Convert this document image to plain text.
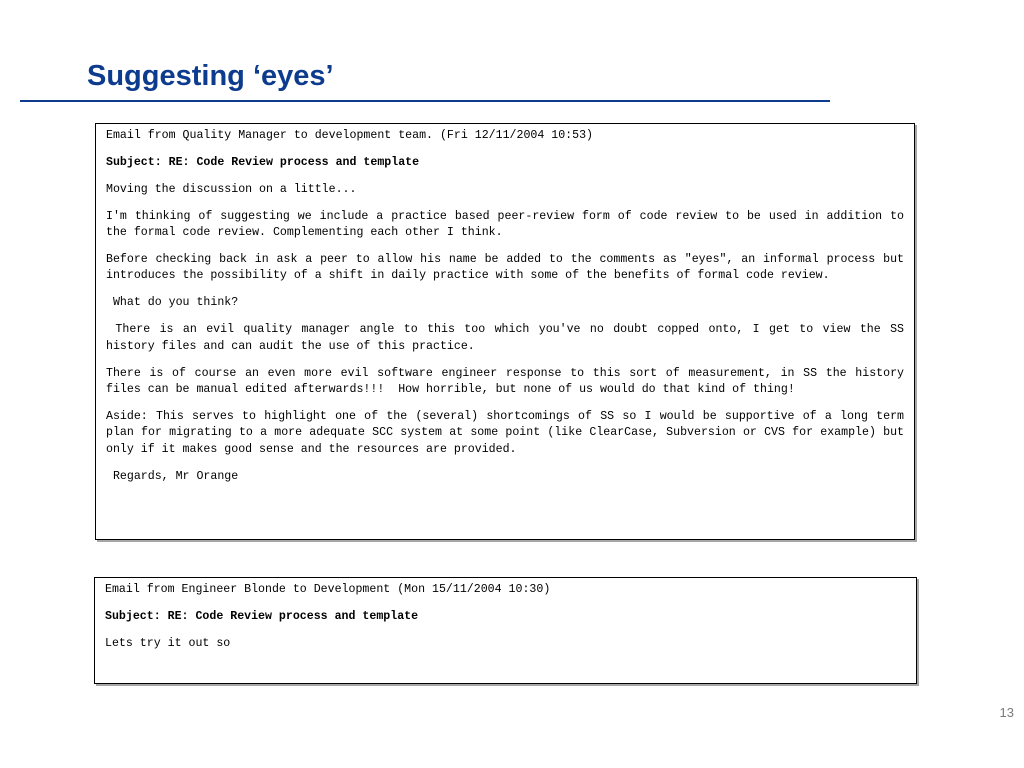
Suggesting ‘eyes’

Email from Quality Manager to development team. (Fri 12/11/2004 10:53)

Subject: RE: Code Review process and template

Moving the discussion on a little...

I'm thinking of suggesting we include a practice based peer-review form of code review to be used in addition to the formal code review. Complementing each other I think.

Before checking back in ask a peer to allow his name be added to the comments as "eyes", an informal process but introduces the possibility of a shift in daily practice with some of the benefits of formal code review.

What do you think?

There is an evil quality manager angle to this too which you've no doubt copped onto, I get to view the SS history files and can audit the use of this practice.

There is of course an even more evil software engineer response to this sort of measurement, in SS the history files can be manual edited afterwards!!!  How horrible, but none of us would do that kind of thing!

Aside: This serves to highlight one of the (several) shortcomings of SS so I would be supportive of a long term plan for migrating to a more adequate SCC system at some point (like ClearCase, Subversion or CVS for example) but only if it makes good sense and the resources are provided.

Regards, Mr Orange

Email from Engineer Blonde to Development (Mon 15/11/2004 10:30)

Subject: RE: Code Review process and template

Lets try it out so

13
